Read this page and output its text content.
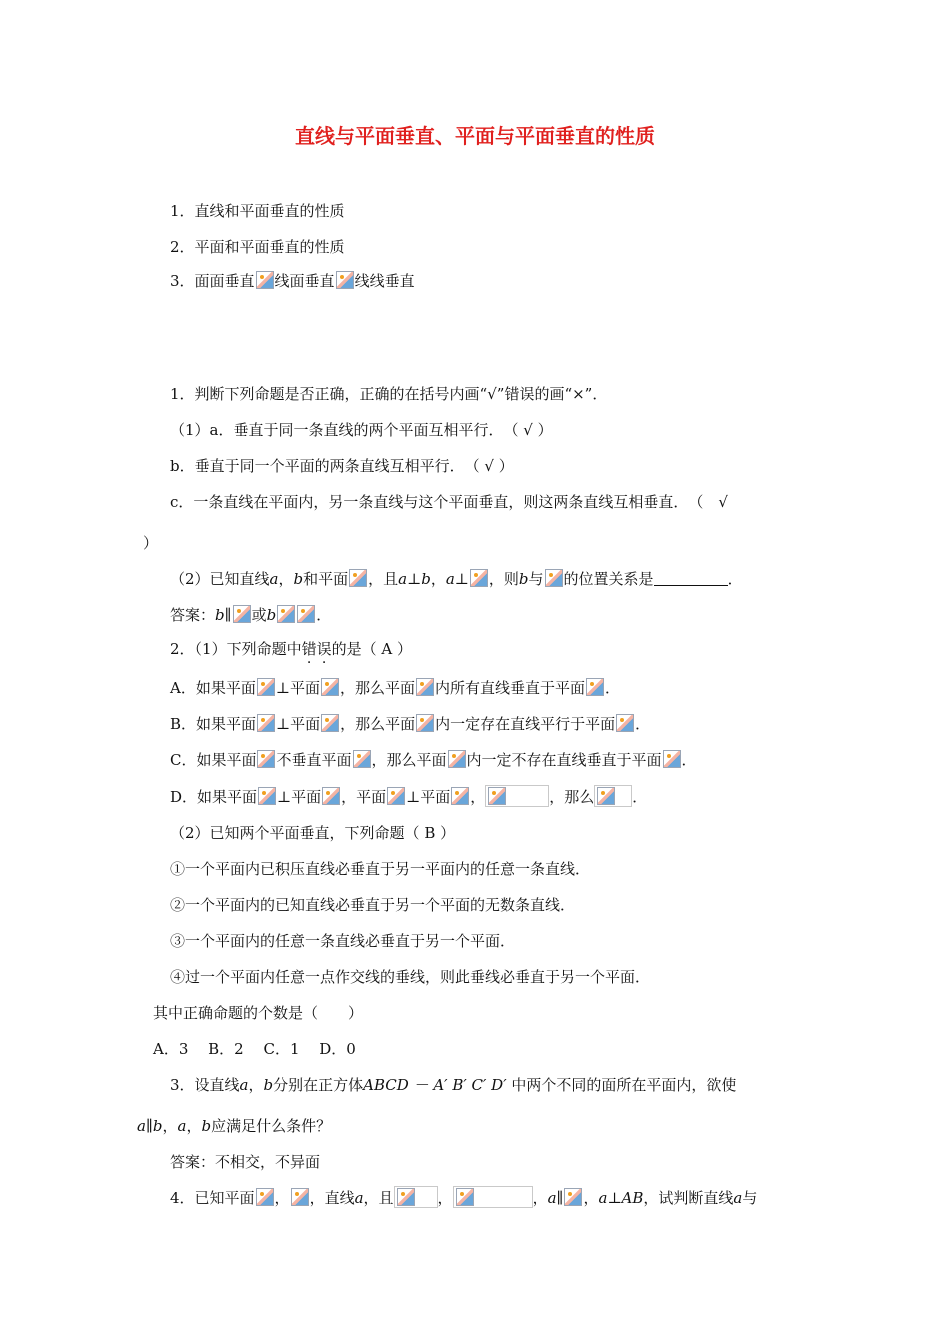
直线与平面垂直、平面与平面垂直的性质
1．直线和平面垂直的性质
2．平面和平面垂直的性质
3．面面垂直 线面垂直 线线垂直
1．判断下列命题是否正确，正确的在括号内画“√”错误的画“×”．
（1）a．垂直于同一条直线的两个平面互相平行．　（ √ ）
b．垂直于同一个平面的两条直线互相平行．　（ √ ）
c．一条直线在平面内，另一条直线与这个平面垂直，则这两条直线互相垂直．　（　√
）
（2）已知直线a，b和平面 ，且a⊥b，a⊥ ，则b与 的位置关系是	．
答案：b∥ 或b	．
2．（1）下列命题中错误的是（ A ）
A．如果平面 ⊥平面 ，那么平面 内所有直线垂直于平面 ．
B．如果平面 ⊥平面 ，那么平面 内一定存在直线平行于平面 ．
C．如果平面 不垂直平面 ，那么平面 内一定不存在直线垂直于平面 ．
D．如果平面 ⊥平面 ，平面 ⊥平面 ，	，那么	．
（2）已知两个平面垂直，下列命题（ B ）
①一个平面内已积压直线必垂直于另一平面内的任意一条直线．
②一个平面内的已知直线必垂直于另一个平面的无数条直线．
③一个平面内的任意一条直线必垂直于另一个平面．
④过一个平面内任意一点作交线的垂线，则此垂线必垂直于另一个平面．
其中正确命题的个数是（　　）
A．3　 B．2　 C．1　 D．0
3．设直线a，b分别在正方体ABCD － A′ B′ C′ D′ 中两个不同的面所在平面内，欲使
a∥b，a，b应满足什么条件？
答案：不相交，不异面
4．已知平面 ， ，直线a，且	，	，a∥ ，a⊥AB，试判断直线a与
